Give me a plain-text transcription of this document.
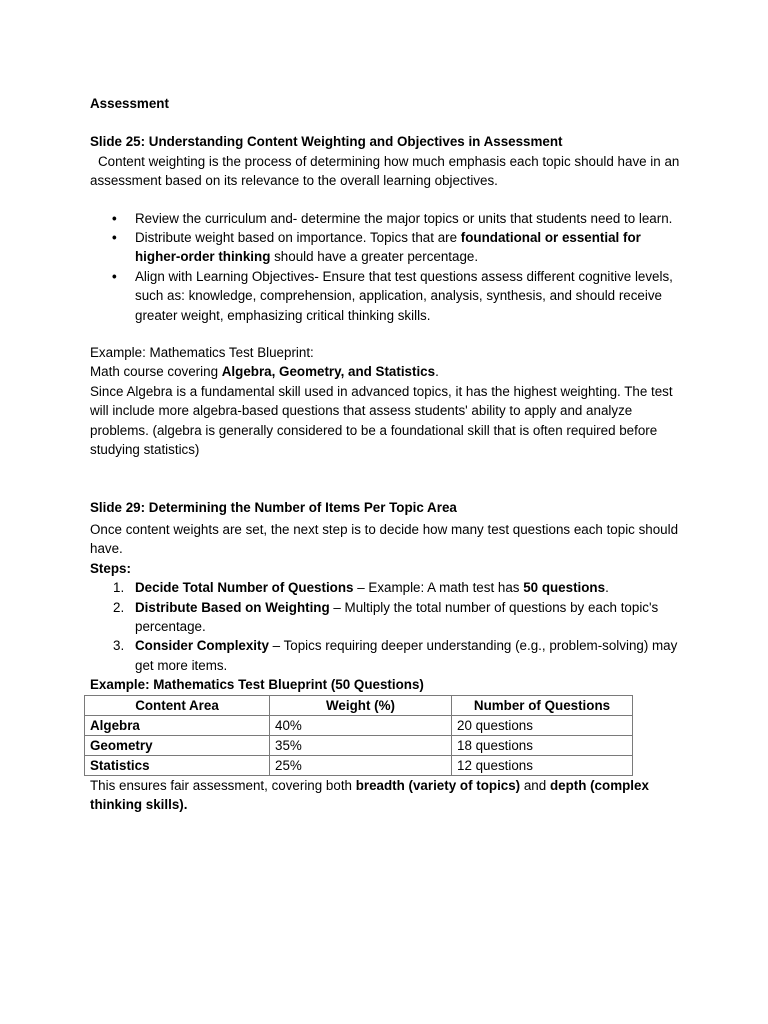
Assessment

Slide 25: Understanding Content Weighting and Objectives in Assessment

Content weighting is the process of determining how much emphasis each topic should have in an assessment based on its relevance to the overall learning objectives.

• Review the curriculum and- determine the major topics or units that students need to learn.
• Distribute weight based on importance. Topics that are foundational or essential for higher-order thinking should have a greater percentage.
• Align with Learning Objectives- Ensure that test questions assess different cognitive levels, such as: knowledge, comprehension, application, analysis, synthesis, and should receive greater weight, emphasizing critical thinking skills.

Example: Mathematics Test Blueprint:

Math course covering Algebra, Geometry, and Statistics.

Since Algebra is a fundamental skill used in advanced topics, it has the highest weighting. The test will include more algebra-based questions that assess students' ability to apply and analyze problems. (algebra is generally considered to be a foundational skill that is often required before studying statistics)

Slide 29: Determining the Number of Items Per Topic Area

Once content weights are set, the next step is to decide how many test questions each topic should have.

Steps:

1. Decide Total Number of Questions – Example: A math test has 50 questions.
2. Distribute Based on Weighting – Multiply the total number of questions by each topic's percentage.
3. Consider Complexity – Topics requiring deeper understanding (e.g., problem-solving) may get more items.

Example: Mathematics Test Blueprint (50 Questions)

Content Area	Weight (%)	Number of Questions
Algebra	40%	20 questions
Geometry	35%	18 questions
Statistics	25%	12 questions

This ensures fair assessment, covering both breadth (variety of topics) and depth (complex thinking skills).
